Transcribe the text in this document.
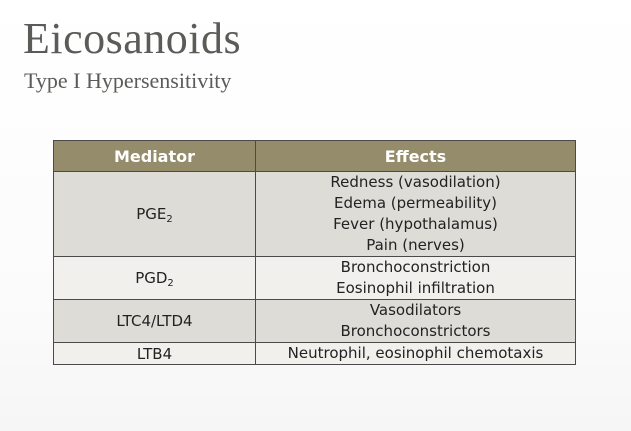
Eicosanoids
Type I Hypersensitivity
Mediator	Effects
$PGE_2$	Redness (vasodilation)
Edema (permeability)
Fever (hypothalamus)
Pain (nerves)

$PGD_2$	Bronchoconstriction
Eosinophil infiltration

LTC4/LTD4	Vasodilators
Bronchoconstrictors

LTB4	Neutrophil, eosinophil chemotaxis
